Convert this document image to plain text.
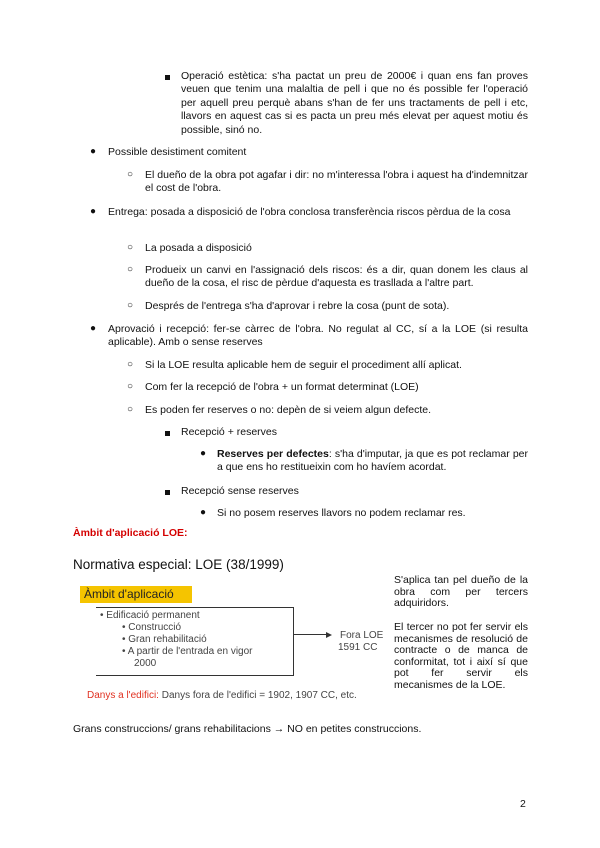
Operació estètica: s'ha pactat un preu de 2000€ i quan ens fan proves veuen que tenim una malaltia de pell i que no és possible fer l'operació per aquell preu perquè abans s'han de fer uns tractaments de pell i etc, llavors en aquest cas si es pacta un preu més elevat per aquest motiu és possible, sinó no.
● Possible desistiment comitent
○ El dueño de la obra pot agafar i dir: no m'interessa l'obra i aquest ha d'indemnitzar el cost de l'obra.
● Entrega: posada a disposició de l'obra conclosa transferència riscos pèrdua de la cosa
○ La posada a disposició
○ Produeix un canvi en l'assignació dels riscos: és a dir, quan donem les claus al dueño de la cosa, el risc de pèrdue d'aquesta es traslladа a l'altre part.
○ Després de l'entrega s'ha d'aprovar i rebre la cosa (punt de sota).
● Aprovació i recepció: fer-se càrrec de l'obra. No regulat al CC, sí a la LOE (si resulta aplicable). Amb o sense reserves
○ Si la LOE resulta aplicable hem de seguir el procediment allí aplicat.
○ Com fer la recepció de l'obra + un format determinat (LOE)
○ Es poden fer reserves o no: depèn de si veiem algun defecte.
Recepció + reserves
● Reserves per defectes: s'ha d'imputar, ja que es pot reclamar per a que ens ho restitueixin com ho havíem acordat.
Recepció sense reserves
● Si no posem reserves llavors no podem reclamar res.
Àmbit d'aplicació LOE:
Normativa especial: LOE (38/1999)
Àmbit d'aplicació
• Edificació permanent
• Construcció
• Gran rehabilitació
• A partir de l'entrada en vigor
2000
Fora LOE
1591 CC
Danys a l'edifici: Danys fora de l'edifici = 1902, 1907 CC, etc.
S'aplica tan pel dueño de la obra com per tercers adquiridors.
El tercer no pot fer servir els mecanismes de resolució de contracte o de manca de conformitat, tot i així sí que pot fer servir els mecanismes de la LOE.
Grans construccions/ grans rehabilitacions → NO en petites construccions.
2
